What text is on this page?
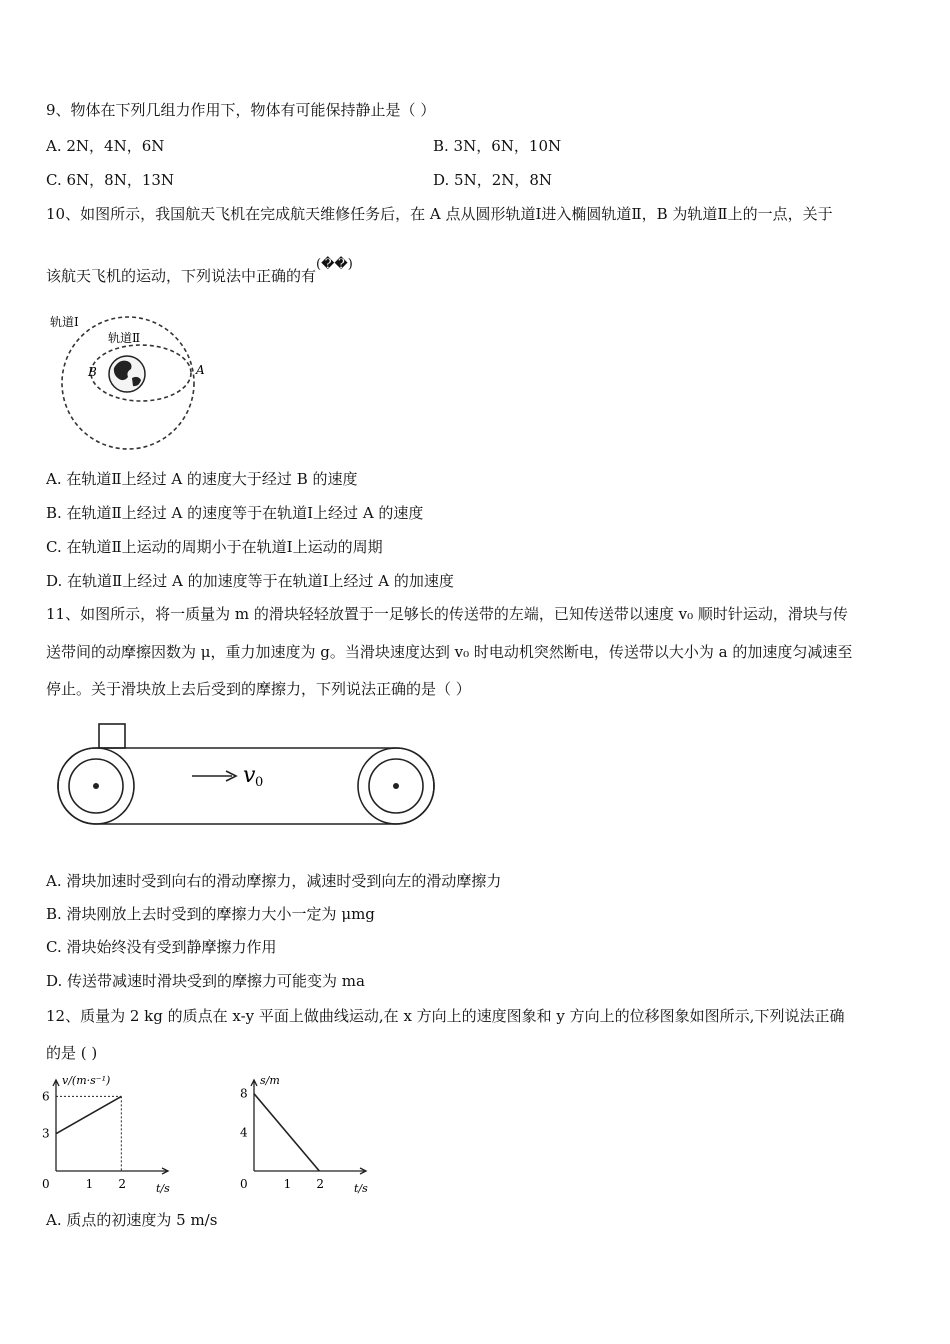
9、物体在下列几组力作用下，物体有可能保持静止是（ ）
A. 2N，4N，6N	B. 3N，6N，10N
C. 6N，8N，13N	D. 5N，2N，8N
10、如图所示，我国航天飞机在完成航天维修任务后，在 A 点从圆形轨道Ⅰ进入椭圆轨道Ⅱ，B 为轨道Ⅱ上的一点，关于
该航天飞机的运动，下列说法中正确的有
(��)
轨道Ⅰ
轨道Ⅱ
B	A
A. 在轨道Ⅱ上经过 A 的速度大于经过 B 的速度
B. 在轨道Ⅱ上经过 A 的速度等于在轨道Ⅰ上经过 A 的速度
C. 在轨道Ⅱ上运动的周期小于在轨道Ⅰ上运动的周期
D. 在轨道Ⅱ上经过 A 的加速度等于在轨道Ⅰ上经过 A 的加速度
11、如图所示，将一质量为 m 的滑块轻轻放置于一足够长的传送带的左端，已知传送带以速度 v₀ 顺时针运动，滑块与传
送带间的动摩擦因数为 μ，重力加速度为 g。当滑块速度达到 v₀ 时电动机突然断电，传送带以大小为 a 的加速度匀减速至
停止。关于滑块放上去后受到的摩擦力，下列说法正确的是（ ）
v 0
A. 滑块加速时受到向右的滑动摩擦力，减速时受到向左的滑动摩擦力
B. 滑块刚放上去时受到的摩擦力大小一定为 μmg
C. 滑块始终没有受到静摩擦力作用
D. 传送带减速时滑块受到的摩擦力可能变为 ma
12、质量为 2 kg 的质点在 x-y 平面上做曲线运动,在 x 方向上的速度图象和 y 方向上的位移图象如图所示,下列说法正确
的是 ( )
v/(m·s⁻¹)
t/s
0	1 2
3
6
s/m
t/s
0	1 2
4
8
A. 质点的初速度为 5 m/s
